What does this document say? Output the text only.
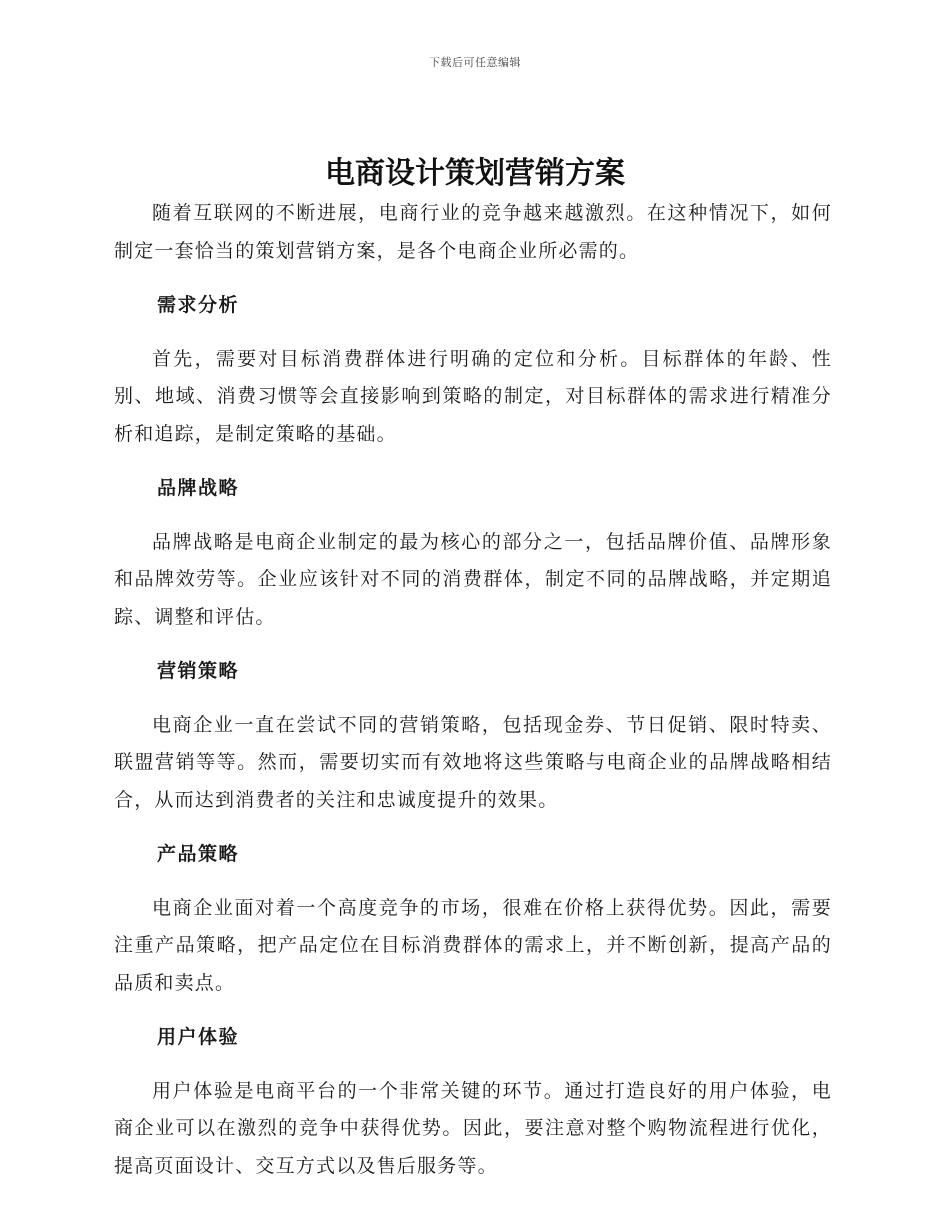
下载后可任意编辑
电商设计策划营销方案

随着互联网的不断进展，电商行业的竞争越来越激烈。在这种情况下，如何制定一套恰当的策划营销方案，是各个电商企业所必需的。

需求分析

首先，需要对目标消费群体进行明确的定位和分析。目标群体的年龄、性别、地域、消费习惯等会直接影响到策略的制定，对目标群体的需求进行精准分析和追踪，是制定策略的基础。

品牌战略

品牌战略是电商企业制定的最为核心的部分之一，包括品牌价值、品牌形象和品牌效劳等。企业应该针对不同的消费群体，制定不同的品牌战略，并定期追踪、调整和评估。

营销策略

电商企业一直在尝试不同的营销策略，包括现金券、节日促销、限时特卖、联盟营销等等。然而，需要切实而有效地将这些策略与电商企业的品牌战略相结合，从而达到消费者的关注和忠诚度提升的效果。

产品策略

电商企业面对着一个高度竞争的市场，很难在价格上获得优势。因此，需要注重产品策略，把产品定位在目标消费群体的需求上，并不断创新，提高产品的品质和卖点。

用户体验

用户体验是电商平台的一个非常关键的环节。通过打造良好的用户体验，电商企业可以在激烈的竞争中获得优势。因此，要注意对整个购物流程进行优化，提高页面设计、交互方式以及售后服务等。
